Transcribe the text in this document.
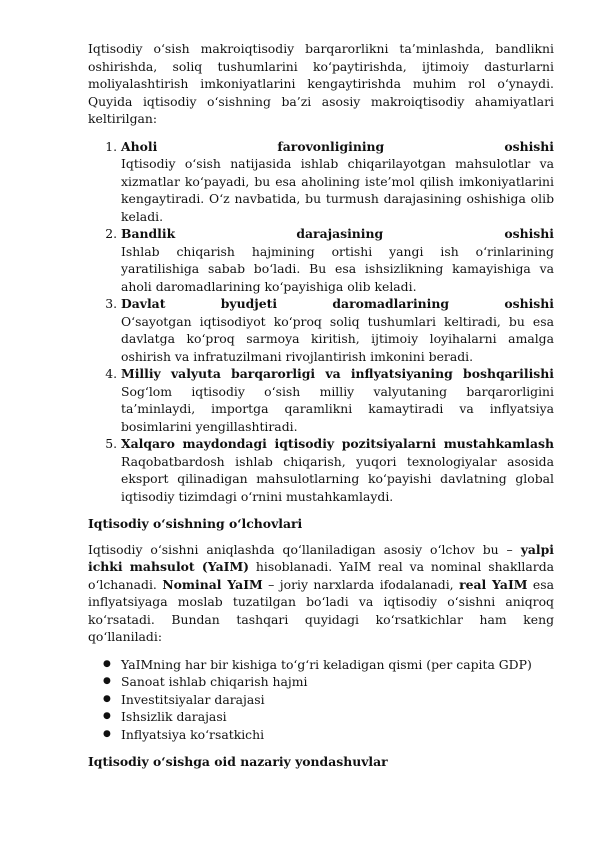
Iqtisodiy o‘sish makroiqtisodiy barqarorlikni ta’minlashda, bandlikni oshirishda, soliq tushumlarini ko‘paytirishda, ijtimoiy dasturlarni moliyalashtirish imkoniyatlarini kengaytirishda muhim rol o‘ynaydi. Quyida iqtisodiy o‘sishning ba’zi asosiy makroiqtisodiy ahamiyatlari keltirilgan:

1. Aholi farovonligining oshishi
Iqtisodiy o‘sish natijasida ishlab chiqarilayotgan mahsulotlar va xizmatlar ko‘payadi, bu esa aholining iste’mol qilish imkoniyatlarini kengaytiradi. O‘z navbatida, bu turmush darajasining oshishiga olib keladi.
2. Bandlik darajasining oshishi
Ishlab chiqarish hajmining ortishi yangi ish o‘rinlarining yaratilishiga sabab bo‘ladi. Bu esa ishsizlikning kamayishiga va aholi daromadlarining ko‘payishiga olib keladi.
3. Davlat byudjeti daromadlarining oshishi
O‘sayotgan iqtisodiyot ko‘proq soliq tushumlari keltiradi, bu esa davlatga ko‘proq sarmoya kiritish, ijtimoiy loyihalarni amalga oshirish va infratuzilmani rivojlantirish imkonini beradi.
4. Milliy valyuta barqarorligi va inflyatsiyaning boshqarilishi
Sog‘lom iqtisodiy o‘sish milliy valyutaning barqarorligini ta’minlaydi, importga qaramlikni kamaytiradi va inflyatsiya bosimlarini yengillashtiradi.
5. Xalqaro maydondagi iqtisodiy pozitsiyalarni mustahkamlash
Raqobatbardosh ishlab chiqarish, yuqori texnologiyalar asosida eksport qilinadigan mahsulotlarning ko‘payishi davlatning global iqtisodiy tizimdagi o‘rnini mustahkamlaydi.
Iqtisodiy o‘sishning o‘lchovlari

Iqtisodiy o‘sishni aniqlashda qo‘llaniladigan asosiy o‘lchov bu – yalpi ichki mahsulot (YaIM) hisoblanadi. YaIM real va nominal shakllarda o‘lchanadi. Nominal YaIM – joriy narxlarda ifodalanadi, real YaIM esa inflyatsiyaga moslab tuzatilgan bo‘ladi va iqtisodiy o‘sishni aniqroq ko‘rsatadi. Bundan tashqari quyidagi ko‘rsatkichlar ham keng qo‘llaniladi:

● YaIMning har bir kishiga to‘g‘ri keladigan qismi (per capita GDP)
● Sanoat ishlab chiqarish hajmi
● Investitsiyalar darajasi
● Ishsizlik darajasi
● Inflyatsiya ko‘rsatkichi
Iqtisodiy o‘sishga oid nazariy yondashuvlar
